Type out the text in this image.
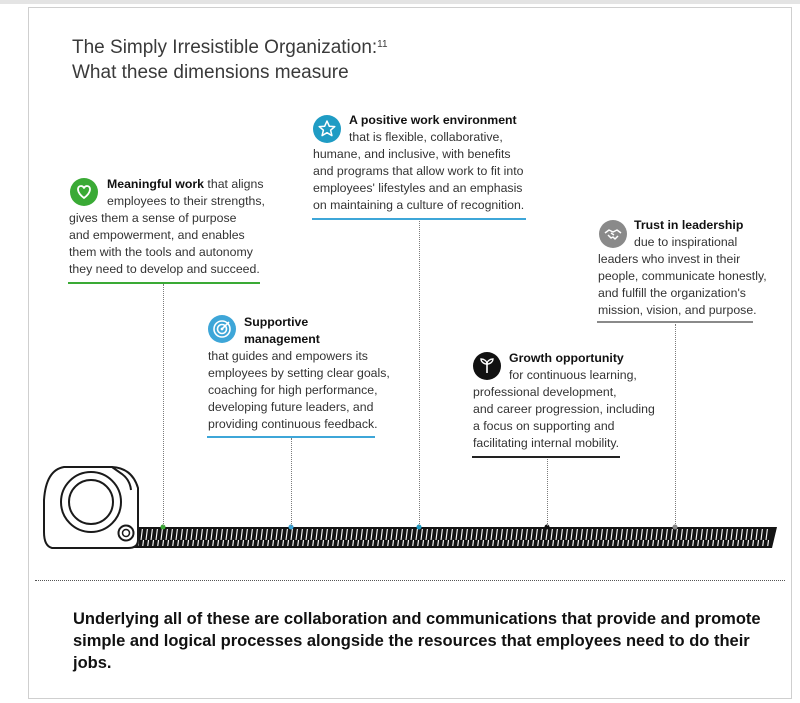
The Simply Irresistible Organization:$^{11}$
What these dimensions measure
Meaningful work that aligns
employees to their strengths,
gives them a sense of purpose
and empowerment, and enables
them with the tools and autonomy
they need to develop and succeed.
Supportive
management
that guides and empowers its
employees by setting clear goals,
coaching for high performance,
developing future leaders, and
providing continuous feedback.
A positive work environment
that is flexible, collaborative,
humane, and inclusive, with benefits
and programs that allow work to fit into
employees' lifestyles and an emphasis
on maintaining a culture of recognition.
Growth opportunity
for continuous learning,
professional development,
and career progression, including
a focus on supporting and
facilitating internal mobility.
Trust in leadership
due to inspirational
leaders who invest in their
people, communicate honestly,
and fulfill the organization's
mission, vision, and purpose.
Underlying all of these are collaboration and communications that provide and promote simple and logical processes alongside the resources that employees need to do their jobs.
